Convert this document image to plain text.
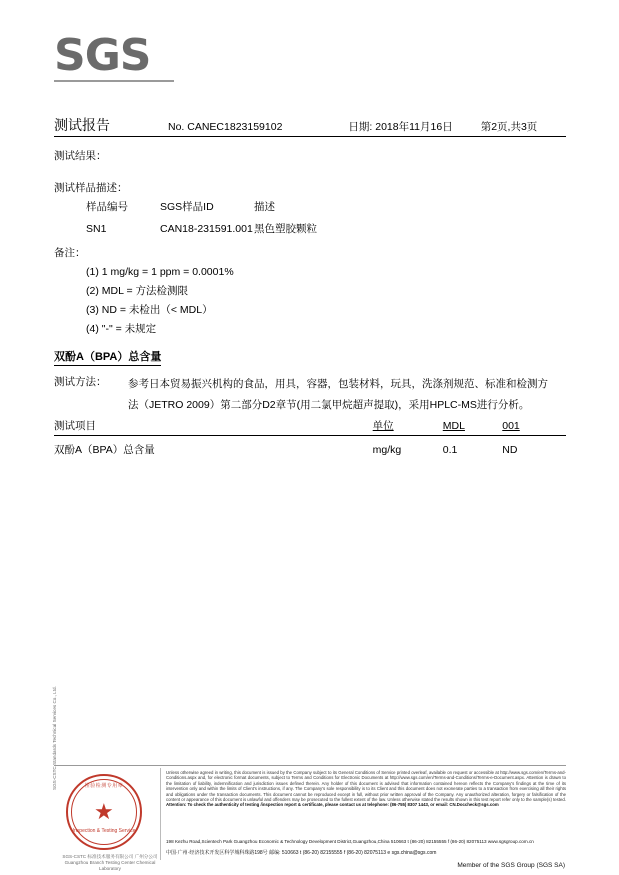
SGS
测试报告	No. CANEC1823159102	日期: 2018年11月16日	第2页,共3页
测试结果：
测试样品描述：
样品编号	SGS样品ID	描述
SN1	CAN18-231591.001	黑色塑胶颗粒
备注：
(1) 1 mg/kg = 1 ppm = 0.0001%
(2) MDL = 方法检测限
(3) ND = 未检出（< MDL）
(4) "-" = 未规定
双酚A（BPA）总含量
测试方法： 参考日本贸易振兴机构的食品，用具，容器，包装材料，玩具，洗涤剂规范、标准和检测方
法（JETRO 2009）第二部分D2章节(用二氯甲烷超声提取)，采用HPLC-MS进行分析。
测试项目	单位	MDL	001
双酚A（BPA）总含量	mg/kg	0.1	ND
检验检测专用章
★
Inspection & Testing Service
SGS-CSTC Standards Technical Services Co., Ltd.
SGS-CSTC 标准技术服务有限公司 广州分公司
Guangzhou Branch Testing Center Chemical Laboratory
Unless otherwise agreed in writing, this document is issued by the Company subject to its General Conditions of Service printed overleaf, available on request or accessible at http://www.sgs.com/en/Terms-and-Conditions.aspx and, for electronic format documents, subject to Terms and Conditions for Electronic Documents at http://www.sgs.com/en/Terms-and-Conditions/Terms-e-Document.aspx. Attention is drawn to the limitation of liability, indemnification and jurisdiction issues defined therein. Any holder of this document is advised that information contained hereon reflects the Company's findings at the time of its intervention only and within the limits of Client's instructions, if any. The Company's sole responsibility is to its Client and this document does not exonerate parties to a transaction from exercising all their rights and obligations under the transaction documents. This document cannot be reproduced except in full, without prior written approval of the Company. Any unauthorized alteration, forgery or falsification of the content or appearance of this document is unlawful and offenders may be prosecuted to the fullest extent of the law. Unless otherwise stated the results shown in this test report refer only to the sample(s) tested. Attention: To check the authenticity of testing /inspection report & certificate, please contact us at telephone: (86-755) 8307 1443, or email: CN.Doccheck@sgs.com
198 Kezhu Road,Scientech Park Guangzhou Economic & Technology Development District,Guangzhou,China 510663 t (86-20) 82155555 f (86-20) 82075113 www.sgsgroup.com.cn
中国·广州·经济技术开发区科学城科珠路198号 邮编: 510663 t (86-20) 82155555 f (86-20) 82075113 e sgs.china@sgs.com
Member of the SGS Group (SGS SA)
